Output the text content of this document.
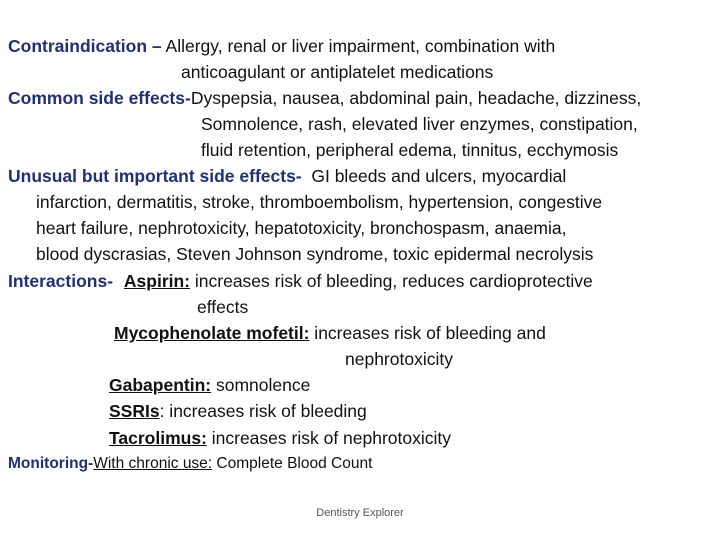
Contraindication – Allergy, renal or liver impairment, combination with
anticoagulant or antiplatelet medications
Common side effects-Dyspepsia, nausea, abdominal pain, headache, dizziness,
Somnolence, rash, elevated liver enzymes, constipation,
fluid retention, peripheral edema, tinnitus, ecchymosis
Unusual but important side effects-  GI bleeds and ulcers, myocardial
infarction, dermatitis, stroke, thromboembolism, hypertension, congestive
heart failure, nephrotoxicity, hepatotoxicity, bronchospasm, anaemia,
blood dyscrasias, Steven Johnson syndrome, toxic epidermal necrolysis
Interactions- Aspirin: increases risk of bleeding, reduces cardioprotective
effects
Mycophenolate mofetil: increases risk of bleeding and
nephrotoxicity
Gabapentin: somnolence
SSRIs: increases risk of bleeding
Tacrolimus: increases risk of nephrotoxicity
Monitoring-With chronic use: Complete Blood Count
Dentistry Explorer
